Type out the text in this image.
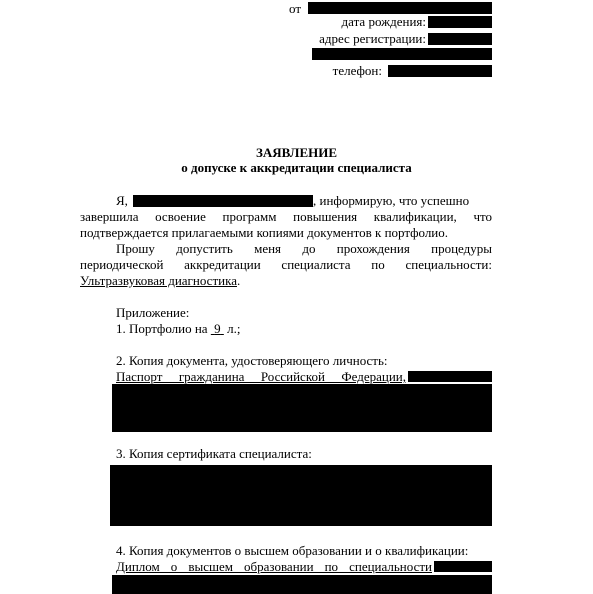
от
дата рождения:
адрес регистрации:
телефон:
ЗАЯВЛЕНИЕ
о допуске к аккредитации специалиста
Я,	, информирую, что успешно
завершила освоение программ повышения квалификации, что
подтверждается прилагаемыми копиями документов к портфолио.
Прошу допустить меня до прохождения процедуры
периодической аккредитации специалиста по специальности:
Ультразвуковая диагностика.
Приложение:
1. Портфолио на 9 л.;
2. Копия документа, удостоверяющего личность:
Паспорт гражданина Российской Федерации,
3. Копия сертификата специалиста:
4. Копия документов о высшем образовании и о квалификации:
Диплом о высшем образовании по специальности
